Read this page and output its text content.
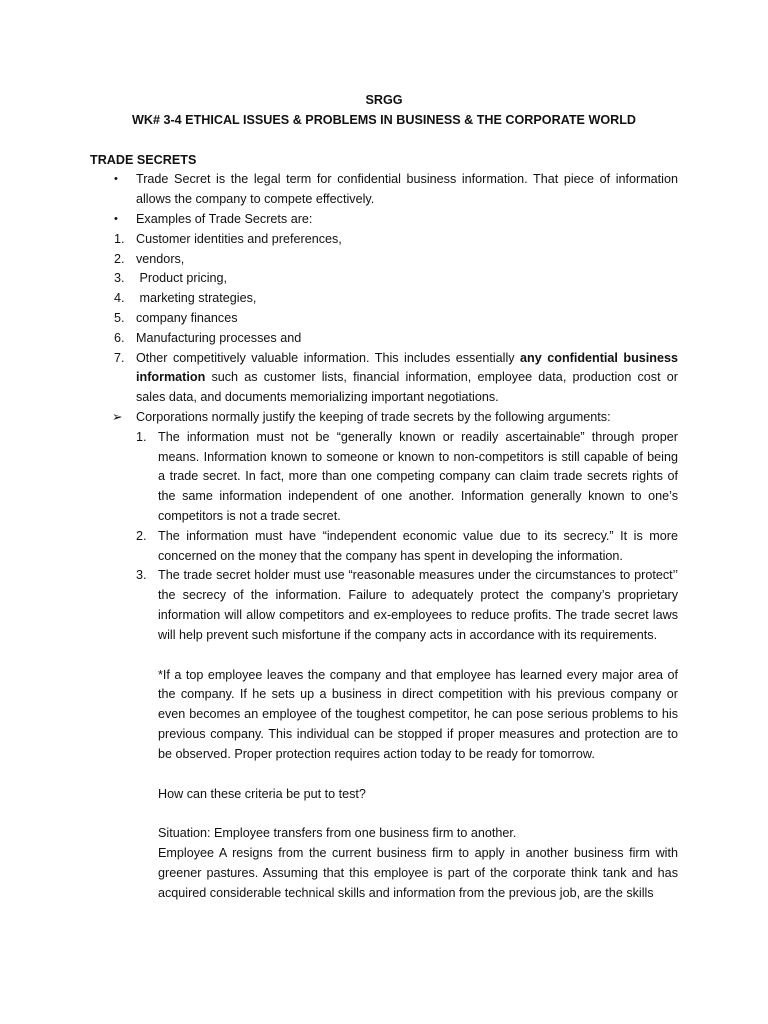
SRGG

WK# 3-4 ETHICAL ISSUES & PROBLEMS IN BUSINESS & THE CORPORATE WORLD

TRADE SECRETS

•	Trade Secret is the legal term for confidential business information. That piece of information allows the company to compete effectively.
•	Examples of Trade Secrets are:
1. Customer identities and preferences,
2. vendors,
3. Product pricing,
4. marketing strategies,
5. company finances
6. Manufacturing processes and
7. Other competitively valuable information. This includes essentially any confidential business information such as customer lists, financial information, employee data, production cost or sales data, and documents memorializing important negotiations.
➢	Corporations normally justify the keeping of trade secrets by the following arguments:
1. The information must not be “generally known or readily ascertainable” through proper means. Information known to someone or known to non-competitors is still capable of being a trade secret. In fact, more than one competing company can claim trade secrets rights of the same information independent of one another. Information generally known to one’s competitors is not a trade secret.
2. The information must have “independent economic value due to its secrecy.” It is more concerned on the money that the company has spent in developing the information.
3. The trade secret holder must use “reasonable measures under the circumstances to protect’’ the secrecy of the information. Failure to adequately protect the company’s proprietary information will allow competitors and ex-employees to reduce profits. The trade secret laws will help prevent such misfortune if the company acts in accordance with its requirements.

*If a top employee leaves the company and that employee has learned every major area of the company. If he sets up a business in direct competition with his previous company or even becomes an employee of the toughest competitor, he can pose serious problems to his previous company. This individual can be stopped if proper measures and protection are to be observed. Proper protection requires action today to be ready for tomorrow.

How can these criteria be put to test?

Situation: Employee transfers from one business firm to another.

Employee A resigns from the current business firm to apply in another business firm with greener pastures. Assuming that this employee is part of the corporate think tank and has acquired considerable technical skills and information from the previous job, are the skills
